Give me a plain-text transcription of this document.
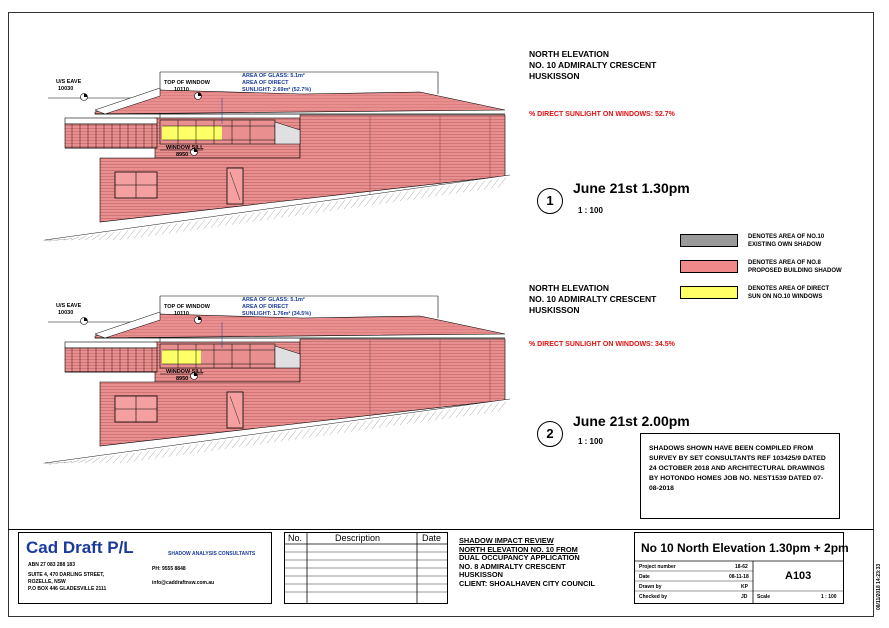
U/S EAVE
10030
TOP OF WINDOW
10110
WINDOW SILL
8950
AREA OF GLASS: 5.1m²
AREA OF DIRECT
SUNLIGHT: 2.69m² (52.7%)
NORTH ELEVATION
NO. 10 ADMIRALTY CRESCENT
HUSKISSON
% DIRECT SUNLIGHT ON WINDOWS: 52.7%
1
June 21st 1.30pm
1 : 100
U/S EAVE
10030
TOP OF WINDOW
10110
WINDOW SILL
8950
AREA OF GLASS: 5.1m²
AREA OF DIRECT
SUNLIGHT: 1.76m² (34.5%)
NORTH ELEVATION
NO. 10 ADMIRALTY CRESCENT
HUSKISSON
% DIRECT SUNLIGHT ON WINDOWS: 34.5%
2
June 21st 2.00pm
1 : 100
DENOTES AREA OF NO.10
EXISTING OWN SHADOW
DENOTES AREA OF NO.8
PROPOSED BUILDING SHADOW
DENOTES AREA OF DIRECT
SUN ON NO.10 WINDOWS
SHADOWS SHOWN HAVE BEEN COMPILED FROM SURVEY BY SET CONSULTANTS REF 103425/9 DATED 24 OCTOBER 2018 AND ARCHITECTURAL DRAWINGS BY HOTONDO HOMES JOB NO. NEST1539 DATED 07-08-2018
Cad Draft P/L	SHADOW ANALYSIS CONSULTANTS
ABN 27 083 288 183
SUITE 4, 470 DARLING STREET,
ROZELLE, NSW
P.O BOX 446 GLADESVILLE 2111
PH: 9555 8848
info@caddraftnsw.com.au
No.	Description	Date SHADOW IMPACT REVIEW
NORTH ELEVATION NO. 10 FROM
DUAL OCCUPANCY APPLICATION
NO. 8 ADMIRALTY CRESCENT
HUSKISSON
CLIENT: SHOALHAVEN CITY COUNCIL
No 10 North Elevation 1.30pm + 2pm
Project number	18-62
Date	08-11-18
Drawn by	KP
Checked by	JD
A103
Scale	1 : 100	08/11/2018 14:23:33
